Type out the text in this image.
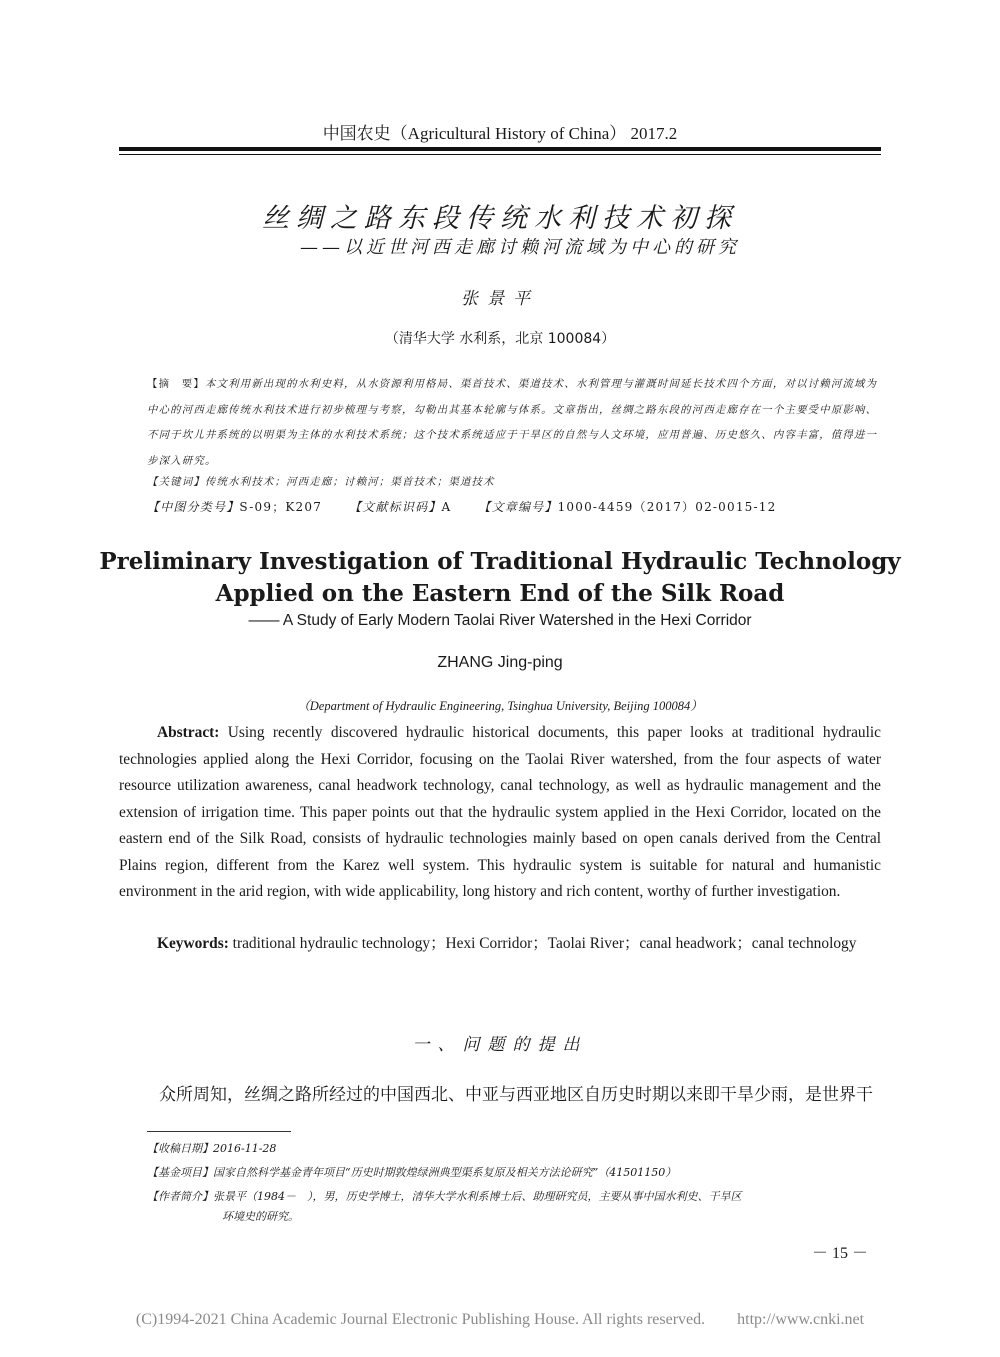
中国农史（Agricultural History of China） 2017.2
丝绸之路东段传统水利技术初探
——以近世河西走廊讨赖河流域为中心的研究
张景平
（清华大学 水利系，北京 100084）
【摘　要】本文利用新出现的水利史料，从水资源利用格局、渠首技术、渠道技术、水利管理与灌溉时间延长技术四个方面，对以讨赖河流域为中心的河西走廊传统水利技术进行初步梳理与考察，勾勒出其基本轮廓与体系。文章指出，丝绸之路东段的河西走廊存在一个主要受中原影响、不同于坎儿井系统的以明渠为主体的水利技术系统；这个技术系统适应于干旱区的自然与人文环境，应用普遍、历史悠久、内容丰富，值得进一步深入研究。
【关键词】传统水利技术；河西走廊；讨赖河；渠首技术；渠道技术
【中图分类号】S-09；K207 【文献标识码】A 【文章编号】1000-4459（2017）02-0015-12
Preliminary Investigation of Traditional Hydraulic Technology
Applied on the Eastern End of the Silk Road
—— A Study of Early Modern Taolai River Watershed in the Hexi Corridor
ZHANG Jing-ping
（Department of Hydraulic Engineering, Tsinghua University, Beijing 100084）
Abstract: Using recently discovered hydraulic historical documents, this paper looks at traditional hydraulic technologies applied along the Hexi Corridor, focusing on the Taolai River watershed, from the four aspects of water resource utilization awareness, canal headwork technology, canal technology, as well as hydraulic management and the extension of irrigation time. This paper points out that the hydraulic system applied in the Hexi Corridor, located on the eastern end of the Silk Road, consists of hydraulic technologies mainly based on open canals derived from the Central Plains region, different from the Karez well system. This hydraulic system is suitable for natural and humanistic environment in the arid region, with wide applicability, long history and rich content, worthy of further investigation.
Keywords: traditional hydraulic technology；Hexi Corridor；Taolai River；canal headwork；canal technology
一、问题的提出
众所周知，丝绸之路所经过的中国西北、中亚与西亚地区自历史时期以来即干旱少雨，是世界干
【收稿日期】2016-11-28
【基金项目】国家自然科学基金青年项目“历史时期敦煌绿洲典型渠系复原及相关方法论研究”（41501150）
【作者简介】张景平（1984－　），男，历史学博士，清华大学水利系博士后、助理研究员，主要从事中国水利史、干旱区
环境史的研究。
－ 15 －
(C)1994-2021 China Academic Journal Electronic Publishing House. All rights reserved.　　http://www.cnki.net
